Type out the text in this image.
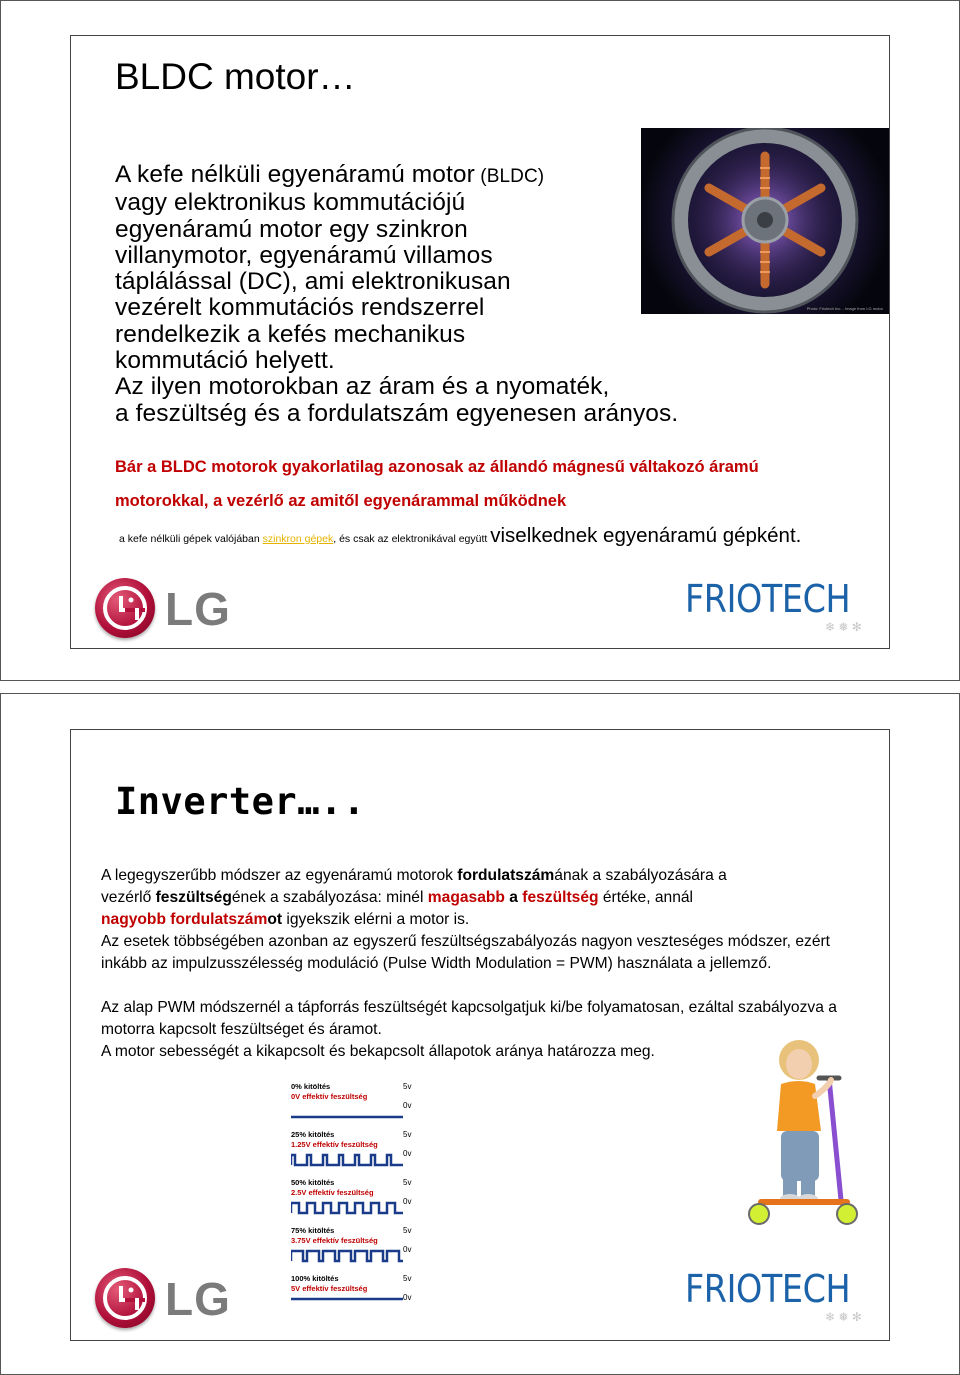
BLDC motor…
Photo: Friotech Inc. - Image from LG motor
A kefe nélküli egyenáramú motor (BLDC)
vagy elektronikus kommutációjú
egyenáramú motor egy szinkron
villanymotor, egyenáramú villamos
táplálással (DC), ami elektronikusan
vezérelt kommutációs rendszerrel
rendelkezik a kefés mechanikus
kommutáció helyett.
Az ilyen motorokban az áram és a nyomaték,
a feszültség és a fordulatszám egyenesen arányos.
Bár a BLDC motorok gyakorlatilag azonosak az állandó mágnesű váltakozó áramú
motorokkal, a vezérlő az amitől egyenárammal működnek
a kefe nélküli gépek valójában szinkron gépek, és csak az elektronikával együtt viselkednek egyenáramú gépként.
LG	FRIOTECH
❄ ❅ ✻
Inverter…..

A legegyszerűbb módszer az egyenáramú motorok fordulatszámának a szabályozására a
vezérlő feszültségének a szabályozása: minél magasabb a feszültség értéke, annál
nagyobb fordulatszámot igyekszik elérni a motor is.

Az esetek többségében azonban az egyszerű feszültségszabályozás nagyon veszteséges módszer, ezért inkább az impulzusszélesség moduláció (Pulse Width Modulation = PWM) használata a jellemző.

Az alap PWM módszernél a tápforrás feszültségét kapcsolgatjuk ki/be folyamatosan, ezáltal szabályozva a motorra kapcsolt feszültséget és áramot.

A motor sebességét a kikapcsolt és bekapcsolt állapotok aránya határozza meg.

0% kitöltés
0V effektív feszültség
5v
0v
25% kitöltés
1.25V effektív feszültség
5v
0v
50% kitöltés
2.5V effektív feszültség
5v
0v
75% kitöltés
3.75V effektív feszültség
5v
0v
100% kitöltés
5V effektív feszültség
5v
0v
LG	FRIOTECH
❄ ❅ ✻
